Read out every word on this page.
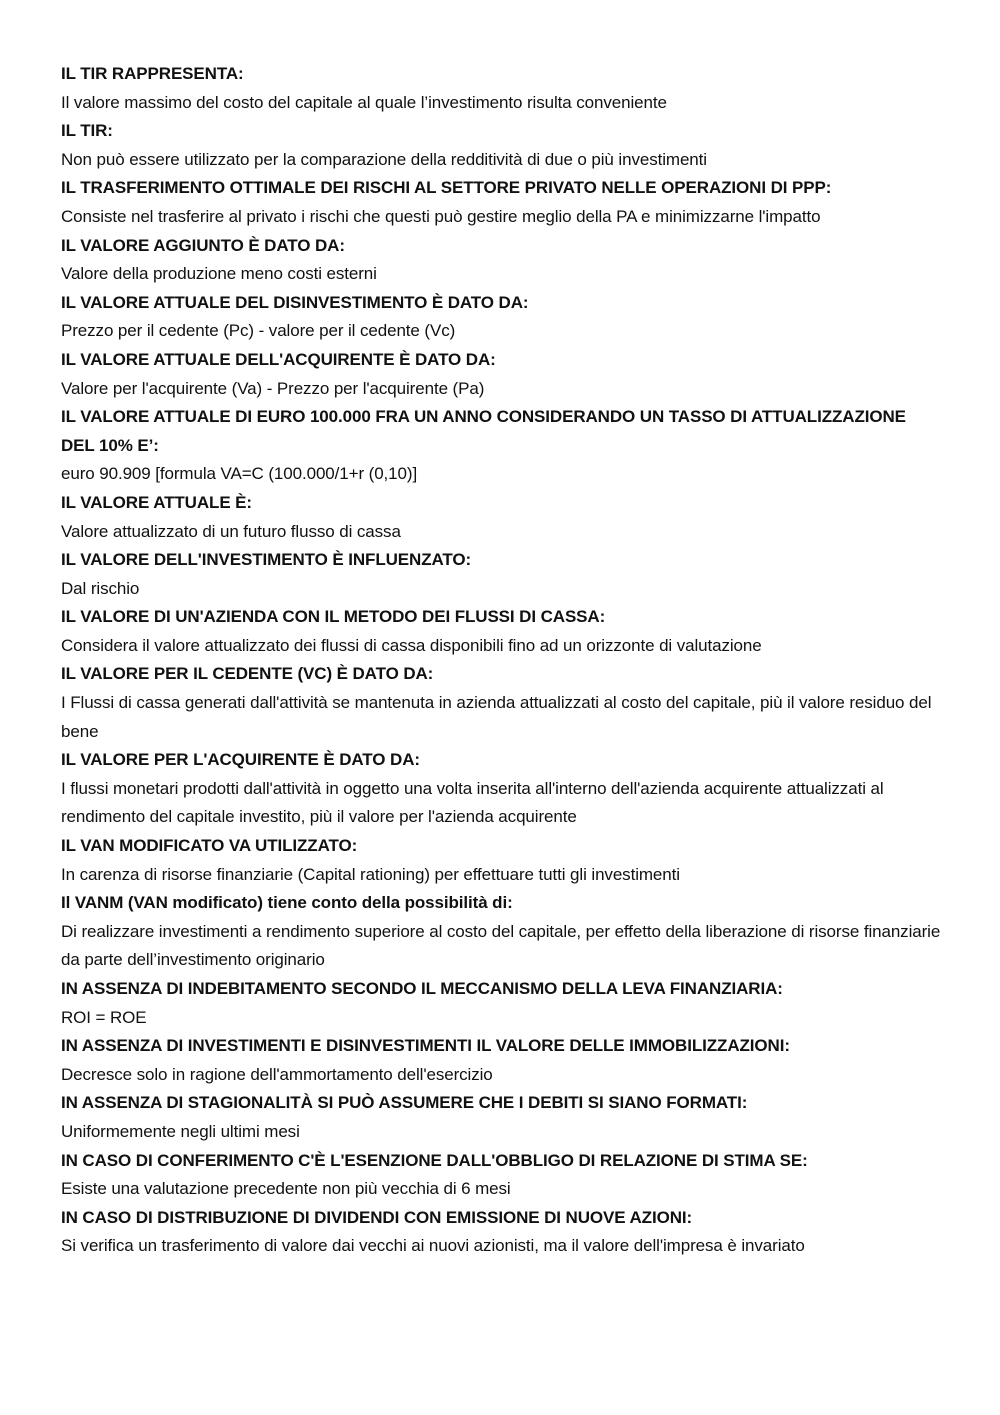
IL TIR RAPPRESENTA:

Il valore massimo del costo del capitale al quale l’investimento risulta conveniente

IL TIR:

Non può essere utilizzato per la comparazione della redditività di due o più investimenti

IL TRASFERIMENTO OTTIMALE DEI RISCHI AL SETTORE PRIVATO NELLE OPERAZIONI DI PPP:

Consiste nel trasferire al privato i rischi che questi può gestire meglio della PA e minimizzarne l'impatto

IL VALORE AGGIUNTO È DATO DA:

Valore della produzione meno costi esterni

IL VALORE ATTUALE DEL DISINVESTIMENTO È DATO DA:

Prezzo per il cedente (Pc) - valore per il cedente (Vc)

IL VALORE ATTUALE DELL'ACQUIRENTE È DATO DA:

Valore per l'acquirente (Va) - Prezzo per l'acquirente (Pa)

IL VALORE ATTUALE DI EURO 100.000 FRA UN ANNO CONSIDERANDO UN TASSO DI ATTUALIZZAZIONE DEL 10% E’:

euro 90.909 [formula VA=C (100.000/1+r (0,10)]

IL VALORE ATTUALE È:

Valore attualizzato di un futuro flusso di cassa

IL VALORE DELL'INVESTIMENTO È INFLUENZATO:

Dal rischio

IL VALORE DI UN'AZIENDA CON IL METODO DEI FLUSSI DI CASSA:

Considera il valore attualizzato dei flussi di cassa disponibili fino ad un orizzonte di valutazione

IL VALORE PER IL CEDENTE (VC) È DATO DA:

I Flussi di cassa generati dall'attività se mantenuta in azienda attualizzati al costo del capitale, più il valore residuo del bene

IL VALORE PER L'ACQUIRENTE È DATO DA:

I flussi monetari prodotti dall'attività in oggetto una volta inserita all'interno dell'azienda acquirente attualizzati al rendimento del capitale investito, più il valore per l'azienda acquirente

IL VAN MODIFICATO VA UTILIZZATO:

In carenza di risorse finanziarie (Capital rationing) per effettuare tutti gli investimenti

Il VANM (VAN modificato) tiene conto della possibilità di:

Di realizzare investimenti a rendimento superiore al costo del capitale, per effetto della liberazione di risorse finanziarie da parte dell’investimento originario

IN ASSENZA DI INDEBITAMENTO SECONDO IL MECCANISMO DELLA LEVA FINANZIARIA:

ROI = ROE

IN ASSENZA DI INVESTIMENTI E DISINVESTIMENTI IL VALORE DELLE IMMOBILIZZAZIONI:

Decresce solo in ragione dell'ammortamento dell'esercizio

IN ASSENZA DI STAGIONALITÀ SI PUÒ ASSUMERE CHE I DEBITI SI SIANO FORMATI:

Uniformemente negli ultimi mesi

IN CASO DI CONFERIMENTO C'È L'ESENZIONE DALL'OBBLIGO DI RELAZIONE DI STIMA SE:

Esiste una valutazione precedente non più vecchia di 6 mesi

IN CASO DI DISTRIBUZIONE DI DIVIDENDI CON EMISSIONE DI NUOVE AZIONI:

Si verifica un trasferimento di valore dai vecchi ai nuovi azionisti, ma il valore dell'impresa è invariato
